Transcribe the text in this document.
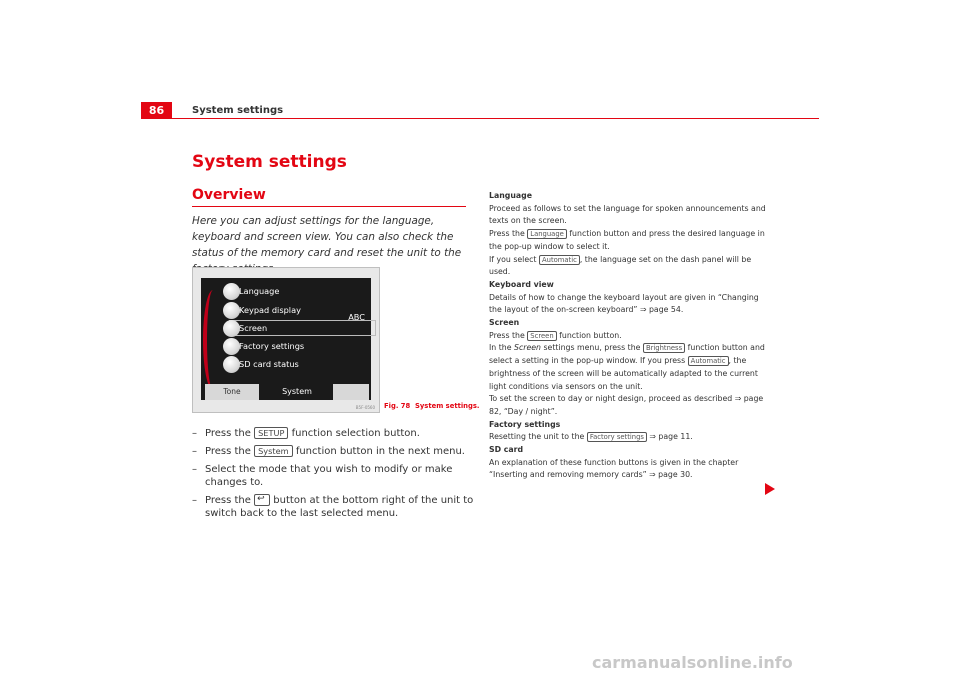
86	System settings
System settings
Overview
Here you can adjust settings for the language, keyboard and screen view. You can also check the status of the memory card and reset the unit to the
Language
Keypad display
ABC
Screen
Factory settings
SD card status
Tone	System
B5F-0560 Fig. 78 System settings.
– Press the SETUP function selection button.
– Press the System function button in the next menu.
– Select the mode that you wish to modify or make changes to.
– Press the ↩ button at the bottom right of the unit to switch back to the last selected menu.
Language
Proceed as follows to set the language for spoken announcements and texts on the screen.
Press the Language function button and press the desired language in the pop-up window to select it.
If you select Automatic , the language set on the dash panel will be used.
Keyboard view
Details of how to change the keyboard layout are given in “Changing the layout of the on-screen keyboard” ⇒ page 54.
Screen
Press the Screen function button.
In the Screen settings menu, press the Brightness function button and select a setting in the pop-up window. If you press Automatic , the brightness of the screen will be automatically adapted to the current light conditions via sensors on the unit.
To set the screen to day or night design, proceed as described ⇒ page 82, “Day / night”.
Factory settings
Resetting the unit to the Factory settings ⇒ page 11.
SD card
An explanation of these function buttons is given in the chapter “Inserting and removing memory cards” ⇒ page 30.
carmanualsonline.info
